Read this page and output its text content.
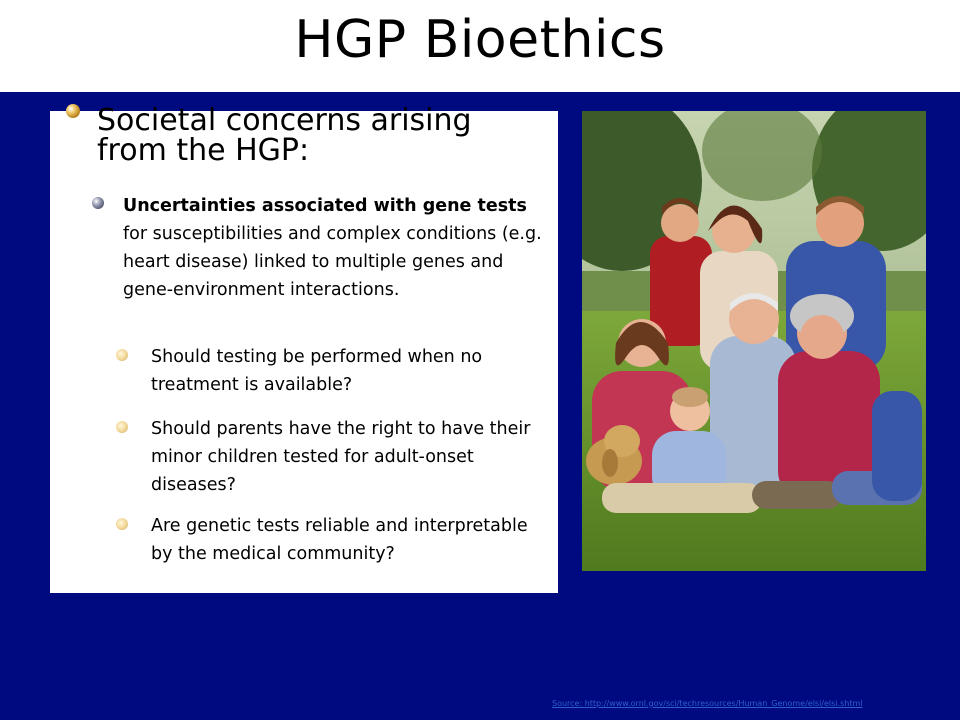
HGP Bioethics
Societal concerns arising from the HGP:
Uncertainties associated with gene tests for susceptibilities and complex conditions (e.g. heart disease) linked to multiple genes and gene-environment interactions.
Should testing be performed when no treatment is available?
Should parents have the right to have their minor children tested for adult-onset diseases?
Are genetic tests reliable and interpretable by the medical community?
Source: http://www.ornl.gov/sci/techresources/Human_Genome/elsi/elsi.shtml
